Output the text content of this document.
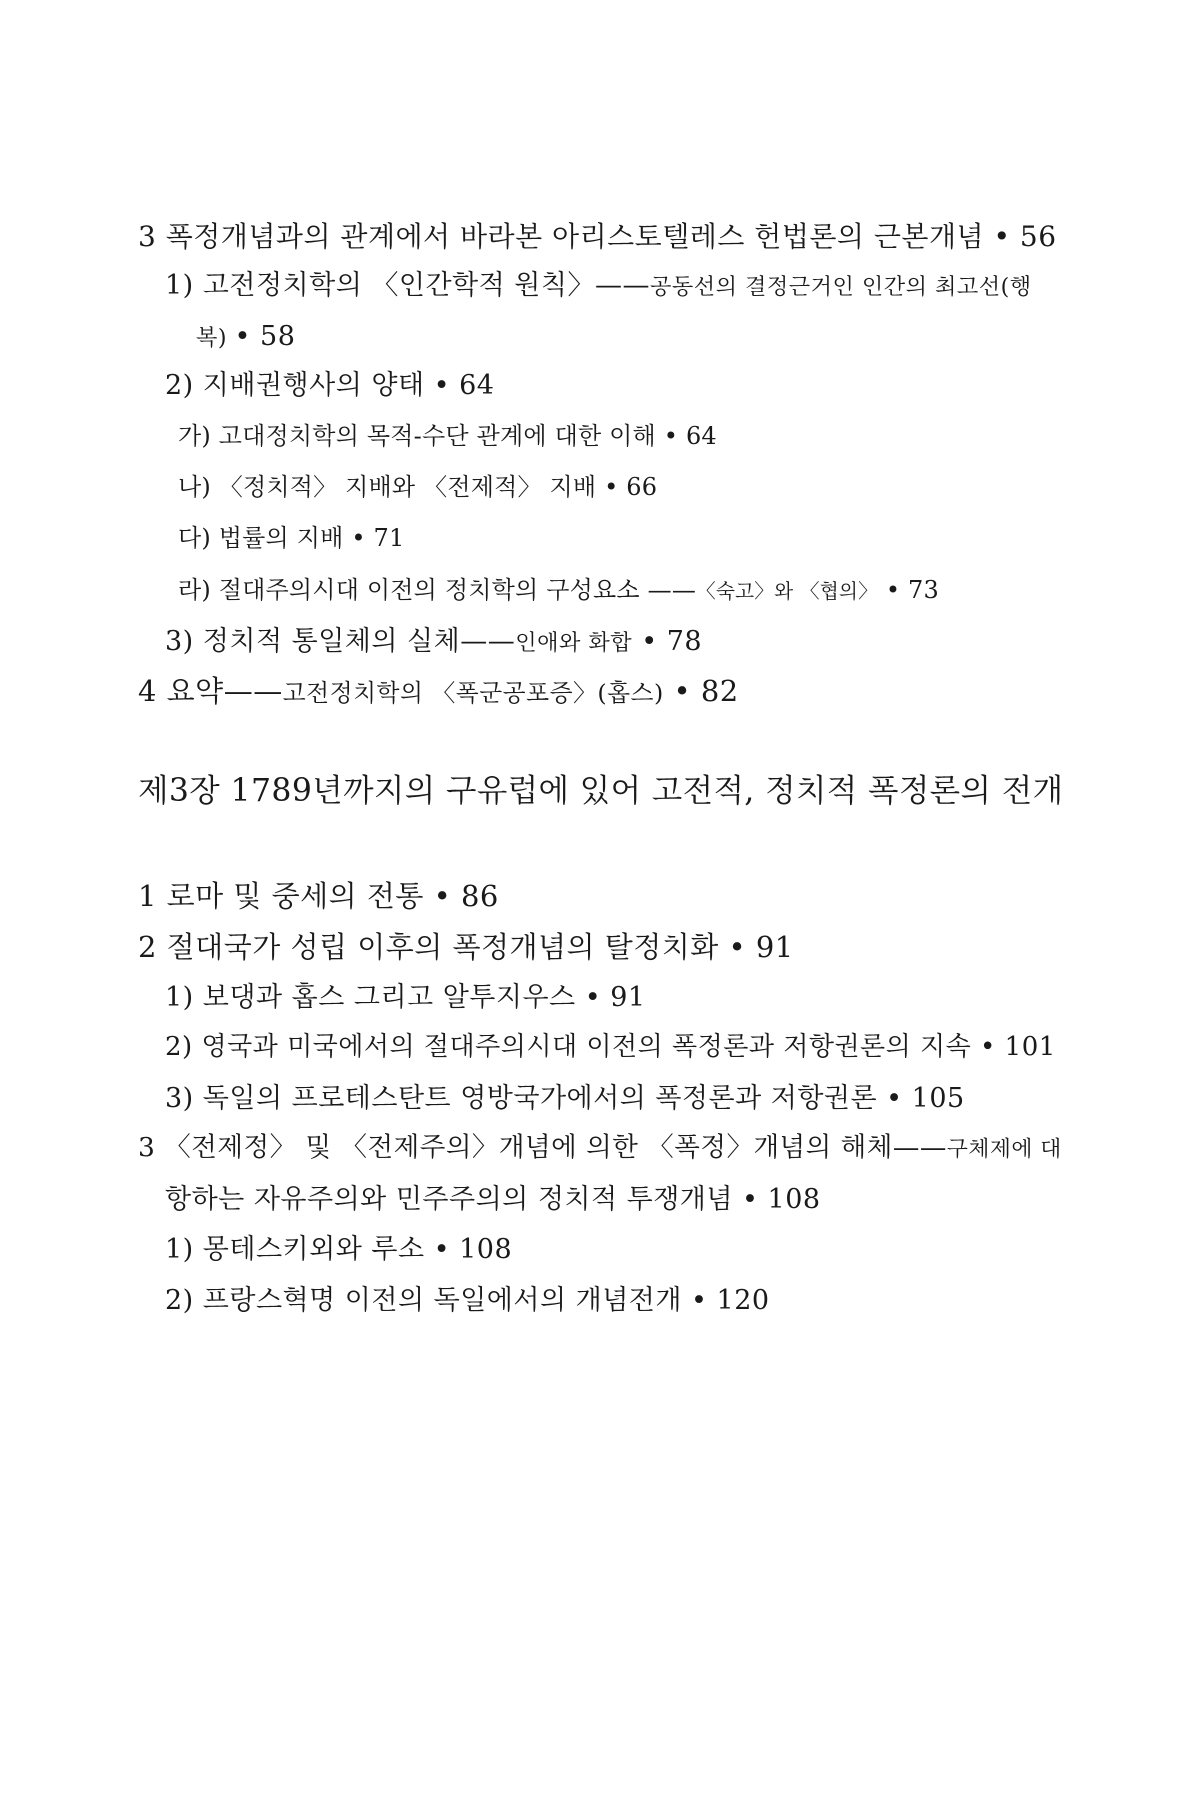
3 폭정개념과의 관계에서 바라본 아리스토텔레스 헌법론의 근본개념 • 56
1) 고전정치학의 〈인간학적 원칙〉——공동선의 결정근거인 인간의 최고선(행
복) • 58
2) 지배권행사의 양태 • 64
가) 고대정치학의 목적-수단 관계에 대한 이해 • 64
나) 〈정치적〉 지배와 〈전제적〉 지배 • 66
다) 법률의 지배 • 71
라) 절대주의시대 이전의 정치학의 구성요소 ——〈숙고〉와 〈협의〉 • 73
3) 정치적 통일체의 실체——인애와 화합 • 78
4 요약——고전정치학의 〈폭군공포증〉(홉스) • 82
제3장 1789년까지의 구유럽에 있어 고전적, 정치적 폭정론의 전개
1 로마 및 중세의 전통 • 86
2 절대국가 성립 이후의 폭정개념의 탈정치화 • 91
1) 보댕과 홉스 그리고 알투지우스 • 91
2) 영국과 미국에서의 절대주의시대 이전의 폭정론과 저항권론의 지속 • 101
3) 독일의 프로테스탄트 영방국가에서의 폭정론과 저항권론 • 105
3 〈전제정〉 및 〈전제주의〉개념에 의한 〈폭정〉개념의 해체——구체제에 대
항하는 자유주의와 민주주의의 정치적 투쟁개념 • 108
1) 몽테스키외와 루소 • 108
2) 프랑스혁명 이전의 독일에서의 개념전개 • 120
